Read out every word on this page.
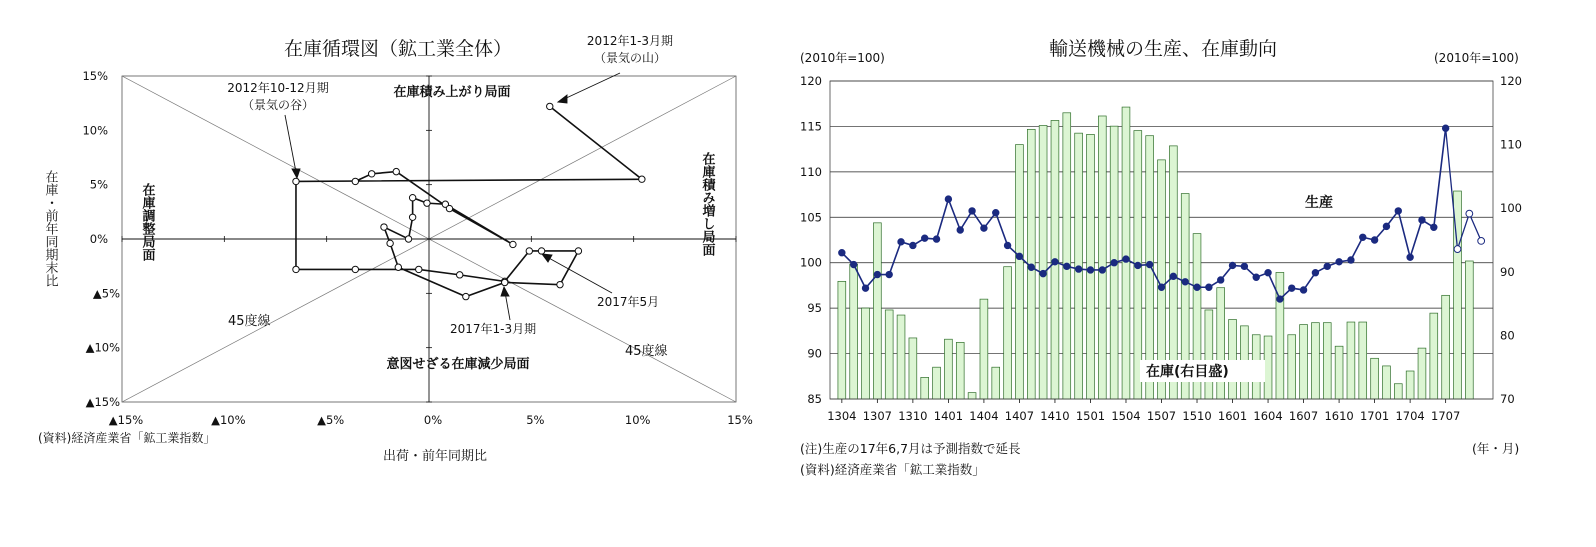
在庫循環図（鉱工業全体）
▲15%	▲10%	▲5%	0%	5%	10%	15%
15%
10%
5%
0%
▲5%
▲10%
▲15%
出荷・前年同期比
在庫・前年同期末比
在庫積み上がり局面
在庫積み増し局面
在庫調整局面
意図せざる在庫減少局面
45度線
45度線
2012年1-3月期
（景気の山）
2012年10-12月期
（景気の谷）
2017年5月
2017年1-3月期
(資料)経済産業省「鉱工業指数」
輸送機械の生産、在庫動向
(2010年=100)	(2010年=100)
120
115
110
105
100
95
90
85
120
110
100
90
80
70
1304 1307 1310 1401 1404 1407 1410 1501 1504 1507 1510 1601 1604 1607 1610 1701 1704 1707
生産
在庫(右目盛)
(注)生産の17年6,7月は予測指数で延長
(資料)経済産業省「鉱工業指数」
(年・月)
